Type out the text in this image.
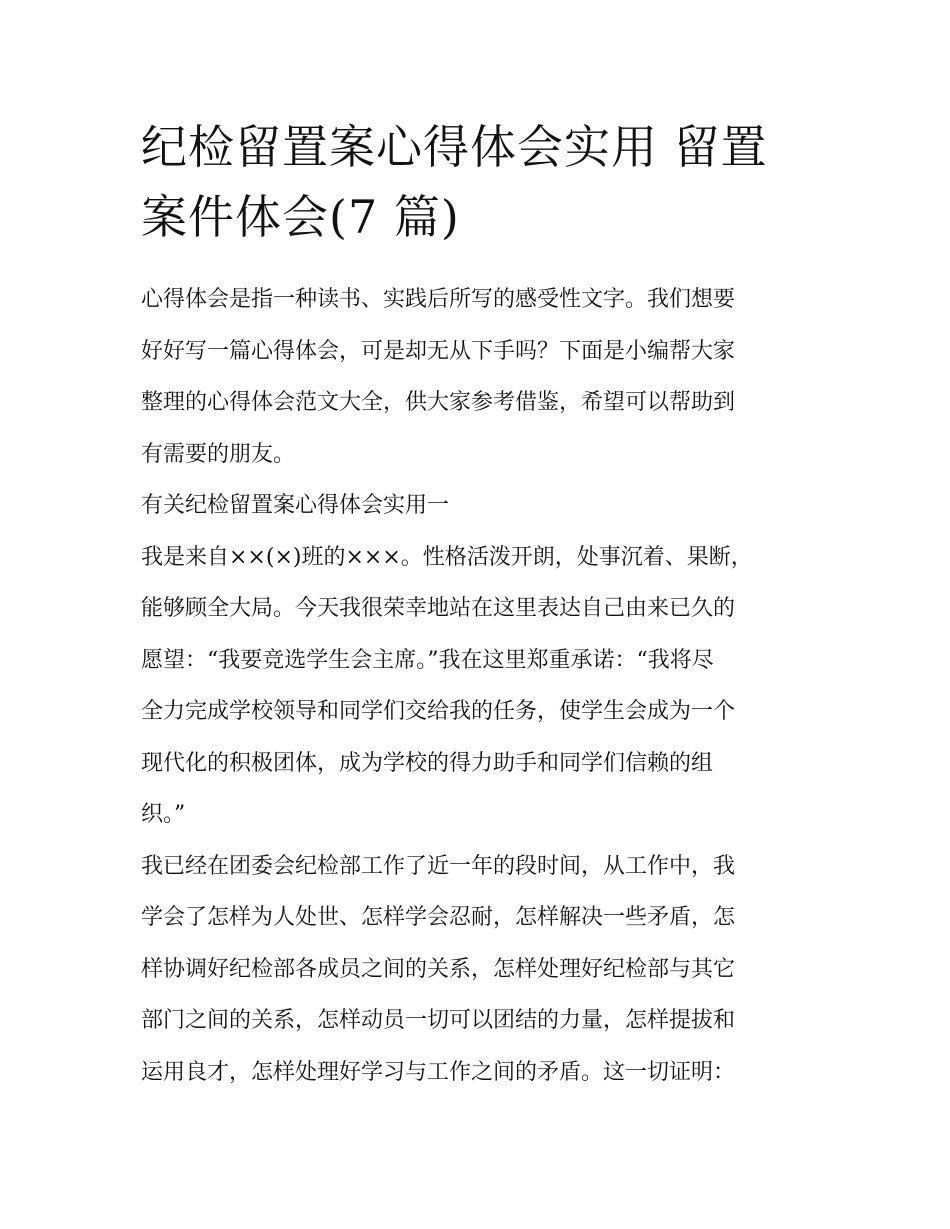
纪检留置案心得体会实用 留置
案件体会(7 篇)

心得体会是指一种读书、实践后所写的感受性文字。我们想要
好好写一篇心得体会，可是却无从下手吗？下面是小编帮大家
整理的心得体会范文大全，供大家参考借鉴，希望可以帮助到
有需要的朋友。

有关纪检留置案心得体会实用一

我是来自××(×)班的×××。性格活泼开朗，处事沉着、果断，
能够顾全大局。今天我很荣幸地站在这里表达自己由来已久的
愿望：“我要竞选学生会主席。”我在这里郑重承诺：“我将尽
全力完成学校领导和同学们交给我的任务，使学生会成为一个
现代化的积极团体，成为学校的得力助手和同学们信赖的组
织。”

我已经在团委会纪检部工作了近一年的段时间，从工作中，我
学会了怎样为人处世、怎样学会忍耐，怎样解决一些矛盾，怎
样协调好纪检部各成员之间的关系，怎样处理好纪检部与其它
部门之间的关系，怎样动员一切可以团结的力量，怎样提拔和
运用良才，怎样处理好学习与工作之间的矛盾。这一切证明：
